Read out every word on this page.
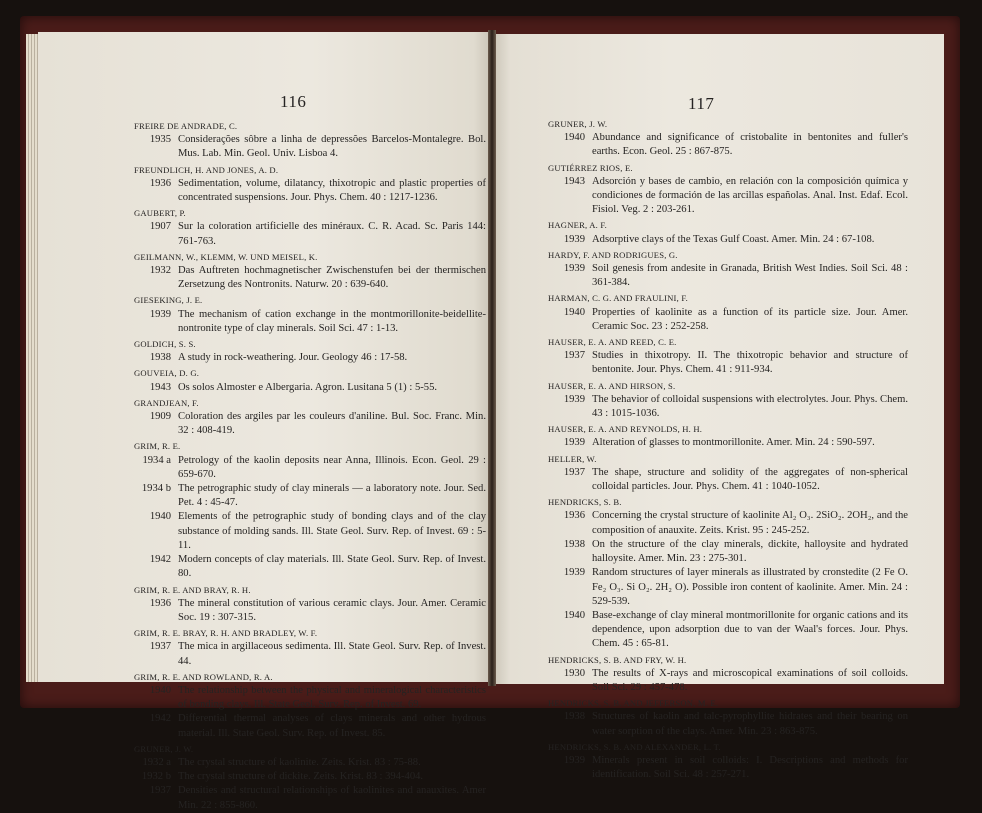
116
FREIRE DE ANDRADE, C.
1935 Considerações sôbre a linha de depressões Barcelos-Montalegre. Bol. Mus. Lab. Min. Geol. Univ. Lisboa 4.
FREUNDLICH, H. AND JONES, A. D.
1936 Sedimentation, volume, dilatancy, thixotropic and plastic properties of concentrated suspensions. Jour. Phys. Chem. 40 : 1217-1236.
GAUBERT, P.
1907 Sur la coloration artificielle des minéraux. C. R. Acad. Sc. Paris 144: 761-763.
GEILMANN, W., KLEMM, W. UND MEISEL, K.
1932 Das Auftreten hochmagnetischer Zwischenstufen bei der thermischen Zersetzung des Nontronits. Naturw. 20 : 639-640.
GIESEKING, J. E.
1939 The mechanism of cation exchange in the montmorillonite-beidellite-nontronite type of clay minerals. Soil Sci. 47 : 1-13.
GOLDICH, S. S.
1938 A study in rock-weathering. Jour. Geology 46 : 17-58.
GOUVEIA, D. G.
1943 Os solos Almoster e Albergaria. Agron. Lusitana 5 (1) : 5-55.
GRANDJEAN, F.
1909 Coloration des argiles par les couleurs d'aniline. Bul. Soc. Franc. Min. 32 : 408-419.
GRIM, R. E.
1934 a Petrology of the kaolin deposits near Anna, Illinois. Econ. Geol. 29 : 659-670.
1934 b The petrographic study of clay minerals — a laboratory note. Jour. Sed. Pet. 4 : 45-47.
1940 Elements of the petrographic study of bonding clays and of the clay substance of molding sands. Ill. State Geol. Surv. Rep. of Invest. 69 : 5-11.
1942 Modern concepts of clay materials. Ill. State Geol. Surv. Rep. of Invest. 80.
GRIM, R. E. AND BRAY, R. H.
1936 The mineral constitution of various ceramic clays. Jour. Amer. Ceramic Soc. 19 : 307-315.
GRIM, R. E. BRAY, R. H. AND BRADLEY, W. F.
1937 The mica in argillaceous sedimenta. Ill. State Geol. Surv. Rep. of Invest. 44.
GRIM, R. E. AND ROWLAND, R. A.
1940 The relationship between the physical and mineralogical characteristics of bonding clays. Ill. State Geol. Surv. Rep. of Invest. 69.
1942 Differential thermal analyses of clays minerals and other hydrous material. Ill. State Geol. Surv. Rep. of Invest. 85.
GRUNER, J. W.
1932 a The crystal structure of kaolinite. Zeits. Krist. 83 : 75-88.
1932 b The crystal structure of dickite. Zeits. Krist. 83 : 394-404.
1937 Densities and structural relationships of kaolinites and anauxites. Amer Min. 22 : 855-860.
117
GRUNER, J. W.
1940 Abundance and significance of cristobalite in bentonites and fuller's earths. Econ. Geol. 25 : 867-875.
GUTIÉRREZ RIOS, E.
1943 Adsorción y bases de cambio, en relación con la composición química y condiciones de formación de las arcillas españolas. Anal. Inst. Edaf. Ecol. Fisiol. Veg. 2 : 203-261.
HAGNER, A. F.
1939 Adsorptive clays of the Texas Gulf Coast. Amer. Min. 24 : 67-108.
HARDY, F. AND RODRIGUES, G.
1939 Soil genesis from andesite in Granada, British West Indies. Soil Sci. 48 : 361-384.
HARMAN, C. G. AND FRAULINI, F.
1940 Properties of kaolinite as a function of its particle size. Jour. Amer. Ceramic Soc. 23 : 252-258.
HAUSER, E. A. AND REED, C. E.
1937 Studies in thixotropy. II. The thixotropic behavior and structure of bentonite. Jour. Phys. Chem. 41 : 911-934.
HAUSER, E. A. AND HIRSON, S.
1939 The behavior of colloidal suspensions with electrolytes. Jour. Phys. Chem. 43 : 1015-1036.
HAUSER, E. A. AND REYNOLDS, H. H.
1939 Alteration of glasses to montmorillonite. Amer. Min. 24 : 590-597.
HELLER, W.
1937 The shape, structure and solidity of the aggregates of non-spherical colloidal particles. Jour. Phys. Chem. 41 : 1040-1052.
HENDRICKS, S. B.
1936 Concerning the crystal structure of kaolinite Al₂ O₃. 2SiO₂. 2OH₂, and the composition of anauxite. Zeits. Krist. 95 : 245-252.
1938 On the structure of the clay minerals, dickite, halloysite and hydrated halloysite. Amer. Min. 23 : 275-301.
1939 Random structures of layer minerals as illustrated by cronstedite (2 Fe O. Fe₂ O₃. Si O₂. 2H₂ O). Possible iron content of kaolinite. Amer. Min. 24 : 529-539.
1940 Base-exchange of clay mineral montmorillonite for organic cations and its dependence, upon adsorption due to van der Waal's forces. Jour. Phys. Chem. 45 : 65-81.
HENDRICKS, S. B. AND FRY, W. H.
1930 The results of X-rays and microscopical examinations of soil colloids. Soil Sci. 29 : 457-478.
HENDRICKS, S. B. AND JEFFERSON, M. E.
1938 Structures of kaolin and talc-pyrophyllite hidrates and their bearing on water sorption of the clays. Amer. Min. 23 : 863-875.
HENDRICKS, S. B. AND ALEXANDER, L. T.
1939 Minerals present in soil colloids: I. Descriptions and methods for identification. Soil Sci. 48 : 257-271.
